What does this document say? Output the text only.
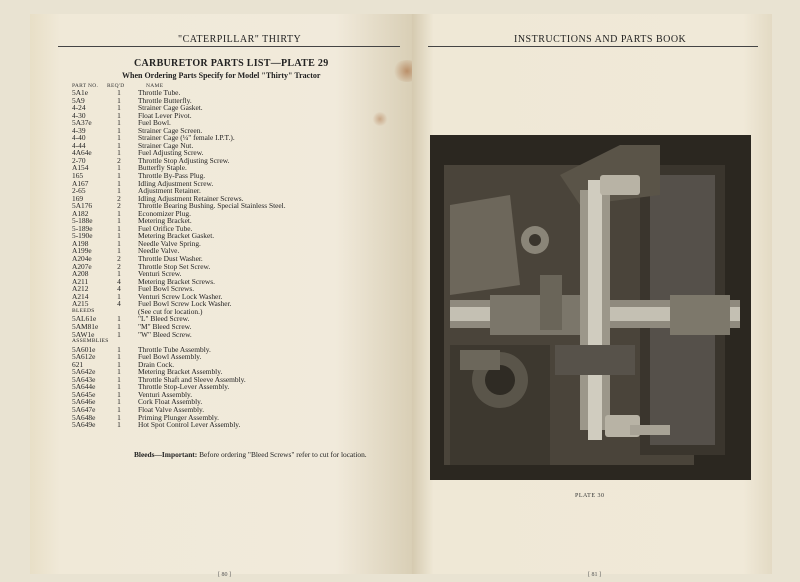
"CATERPILLAR" THIRTY
CARBURETOR PARTS LIST—PLATE 29
When Ordering Parts Specify for Model "Thirty" Tractor
PART NO. REQ'D	NAME
5A1e	1	Throttle Tube.
5A9	1	Throttle Butterfly.
4-24	1	Strainer Cage Gasket.
4-30	1	Float Lever Pivot.
5A37e	1	Fuel Bowl.
4-39	1	Strainer Cage Screen.
4-40	1	Strainer Cage (¼" female I.P.T.).
4-44	1	Strainer Cage Nut.
4A64e	1	Fuel Adjusting Screw.
2-70	2	Throttle Stop Adjusting Screw.
A154	1	Butterfly Staple.
165	1	Throttle By-Pass Plug.
A167	1	Idling Adjustment Screw.
2-65	1	Adjustment Retainer.
169	2	Idling Adjustment Retainer Screws.
5A176	2	Throttle Bearing Bushing. Special Stainless Steel.
A182	1	Economizer Plug.
5-188e	1	Metering Bracket.
5-189e	1	Fuel Orifice Tube.
5-190e	1	Metering Bracket Gasket.
A198	1	Needle Valve Spring.
A199e	1	Needle Valve.
A204e	2	Throttle Dust Washer.
A207e	2	Throttle Stop Set Screw.
A208	1	Venturi Screw.
A211	4	Metering Bracket Screws.
A212	4	Fuel Bowl Screws.
A214	1	Venturi Screw Lock Washer.
A215	4	Fuel Bowl Screw Lock Washer.
BLEEDS	(See cut for location.)
5AL61e	1	"L" Bleed Screw.
5AM81e	1	"M" Bleed Screw.
5AW1e	1	"W" Bleed Screw.
ASSEMBLIES
5A601e	1	Throttle Tube Assembly.
5A612e	1	Fuel Bowl Assembly.
621	1	Drain Cock.
5A642e	1	Metering Bracket Assembly.
5A643e	1	Throttle Shaft and Sleeve Assembly.
5A644e	1	Throttle Stop-Lever Assembly.
5A645e	1	Venturi Assembly.
5A646e	1	Cork Float Assembly.
5A647e	1	Float Valve Assembly.
5A648e	1	Priming Plunger Assembly.
5A649e	1	Hot Spot Control Lever Assembly.
Bleeds—Important: Before ordering "Bleed Screws" refer to cut for location.
[ 80 ]
INSTRUCTIONS AND PARTS BOOK
PLATE 30
[ 81 ]
